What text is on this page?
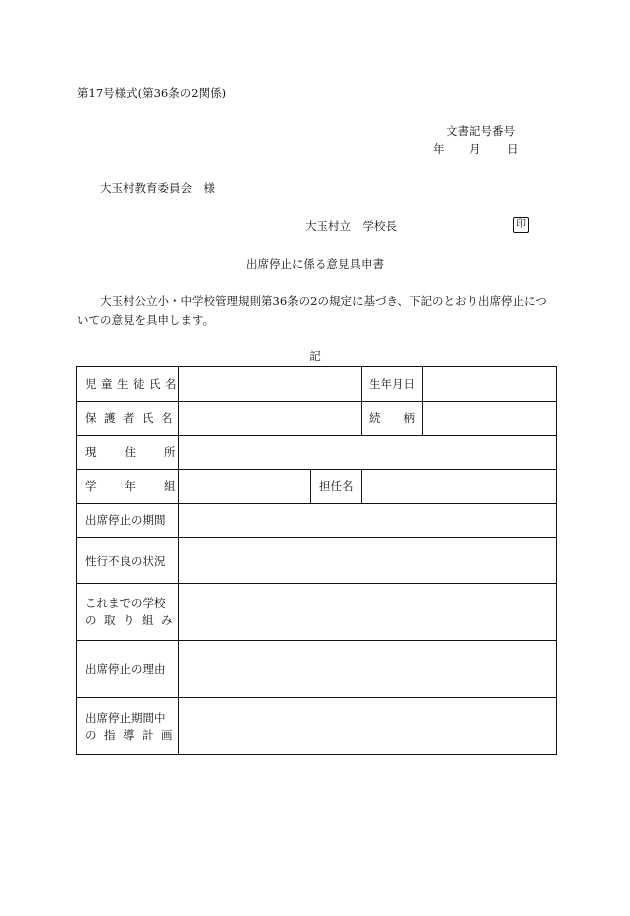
第17号様式(第36条の2関係)
文書記号番号
年 月 日
大玉村教育委員会　様
大玉村立　学校長	印
出席停止に係る意見具申書
大玉村公立小・中学校管理規則第36条の2の規定に基づき、下記のとおり出席停止についての意見を具申します。
記
児童生徒氏名	生年月日
保護者氏名	続柄
現住所
学年組	担任名
出席停止の期間
性行不良の状況
これまでの学校
の取り組み
出席停止の理由
出席停止期間中
の指導計画
